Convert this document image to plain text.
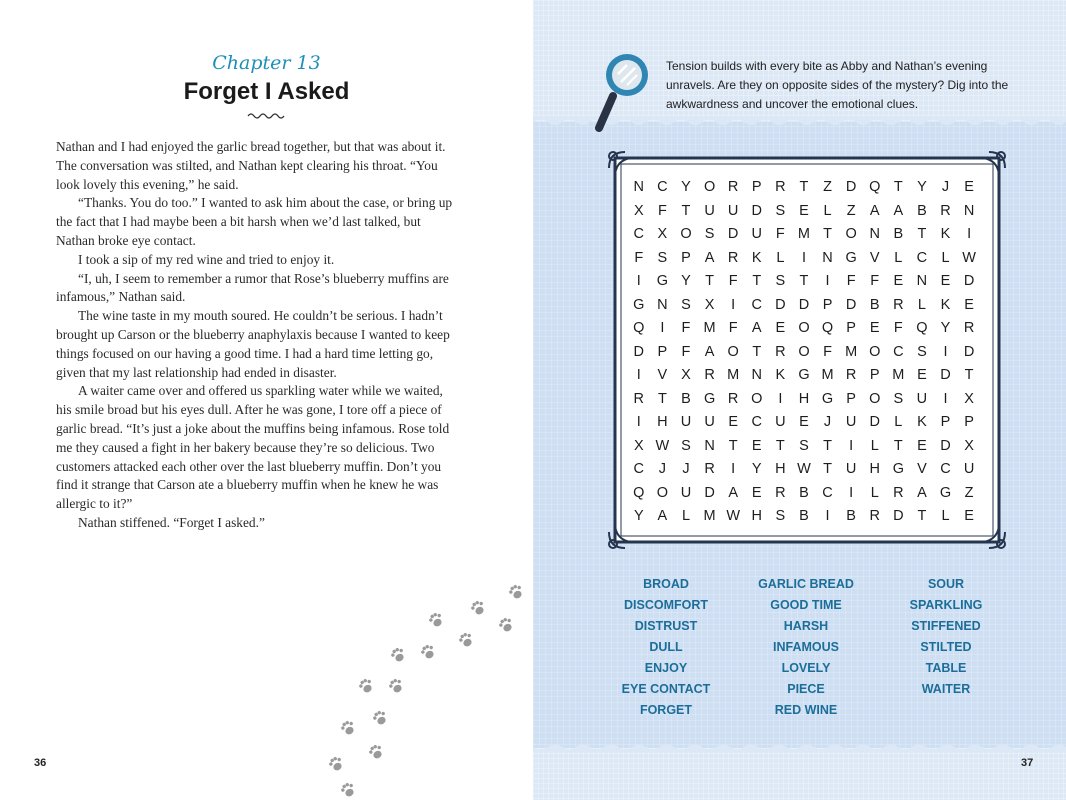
Chapter 13
Forget I Asked

Nathan and I had enjoyed the garlic bread together, but that was about it. The conversation was stilted, and Nathan kept clearing his throat. “You look lovely this evening,” he said.

“Thanks. You do too.” I wanted to ask him about the case, or bring up the fact that I had maybe been a bit harsh when we’d last talked, but Nathan broke eye contact.

I took a sip of my red wine and tried to enjoy it.

“I, uh, I seem to remember a rumor that Rose’s blueberry muffins are infamous,” Nathan said.

The wine taste in my mouth soured. He couldn’t be serious. I hadn’t brought up Carson or the blueberry anaphylaxis because I wanted to keep things focused on our having a good time. I had a hard time letting go, given that my last relationship had ended in disaster.

A waiter came over and offered us sparkling water while we waited, his smile broad but his eyes dull. After he was gone, I tore off a piece of garlic bread. “It’s just a joke about the muffins being infamous. Rose told me they caused a fight in her bakery because they’re so delicious. Two customers attacked each other over the last blueberry muffin. Don’t you find it strange that Carson ate a blueberry muffin when he knew he was allergic to it?”

Nathan stiffened. “Forget I asked.”

36
Tension builds with every bite as Abby and Nathan’s evening unravels. Are they on opposite sides of the mystery? Dig into the awkwardness and uncover the emotional clues.
N C Y O R P R T	Z D Q T Y	J	E
X F	T U U D S E	L	Z A A B R N
C X O S D U F M T O N B T K	I
F S P A R K	L	I	N G V	L C L W
I	G Y T	F	T S T	I	F	F E N E D
G N S X	I	C D D P D B R L	K E
Q	I	F M F A E O Q P E F Q Y R
D P F A O T R O F M O C S	I	D
I	V X R M N K G M R P M E D T
R T B G R O	I	H G P O S U	I	X
I	H U U E C U E	J	U D L	K P P
X W S N T E T S T	I	L	T E D X
C	J	J	R	I	Y H W T U H G V C U
Q O U D A E R B C	I	L R A G Z
Y A	L M W H S B	I	B R D T	L	E
BROAD
DISCOMFORT
DISTRUST
DULL
ENJOY
EYE CONTACT
FORGET
GARLIC BREAD
GOOD TIME
HARSH
INFAMOUS
LOVELY
PIECE
RED WINE
SOUR
SPARKLING
STIFFENED
STILTED
TABLE
WAITER
37
